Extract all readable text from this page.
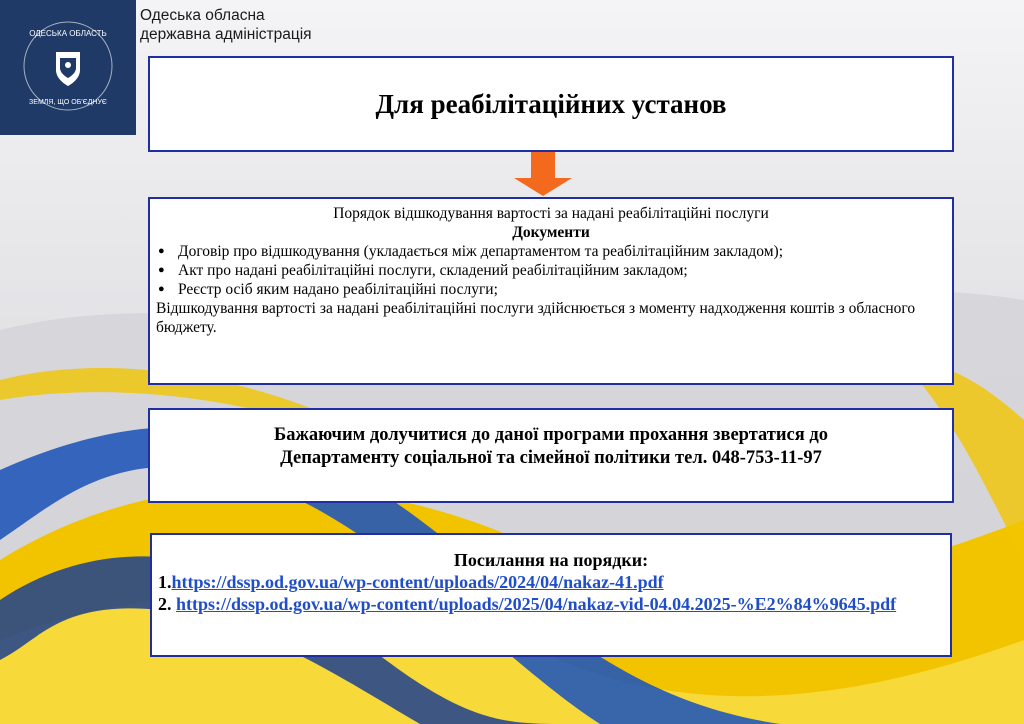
ОДЕСЬКА ОБЛАСТЬ
ЗЕМЛЯ, ЩО ОБ'ЄДНУЄ
Одеська обласна
державна адміністрація
Для реабілітаційних установ
Порядок відшкодування вартості за надані реабілітаційні послуги
Документи
● Договір про відшкодування (укладається між департаментом та реабілітаційним закладом);
● Акт про надані реабілітаційні послуги, складений реабілітаційним закладом;
● Реєстр осіб яким надано реабілітаційні послуги;
Відшкодування вартості за надані реабілітаційні послуги здійснюється з моменту надходження коштів з обласного бюджету.
Бажаючим долучитися до даної програми прохання звертатися до
Департаменту соціальної та сімейної політики тел. 048-753-11-97
Посилання на порядки:
1.https://dssp.od.gov.ua/wp-content/uploads/2024/04/nakaz-41.pdf
2. https://dssp.od.gov.ua/wp-content/uploads/2025/04/nakaz-vid-04.04.2025-%E2%84%9645.pdf
